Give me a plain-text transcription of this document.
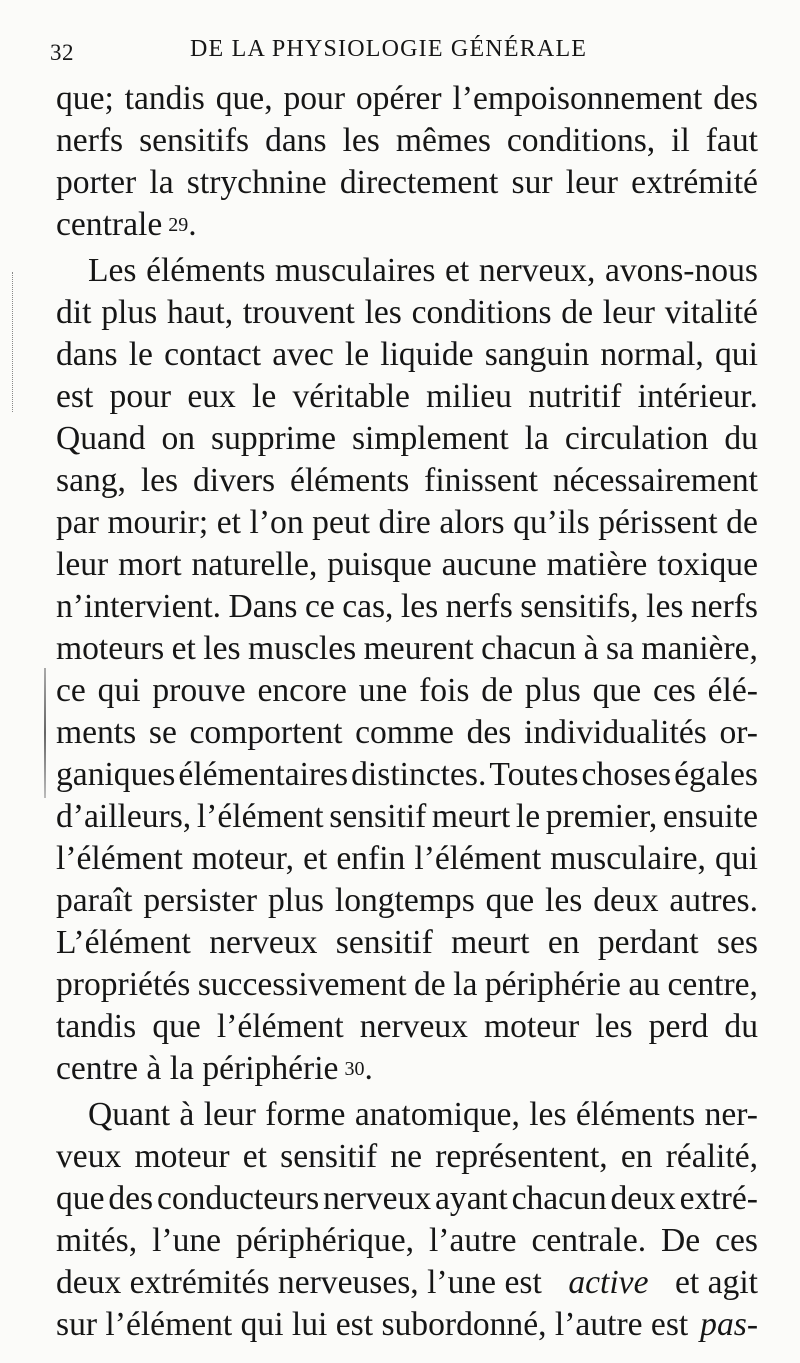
32	DE LA PHYSIOLOGIE GÉNÉRALE
que; tandis que, pour opérer l’empoisonnement des
nerfs sensitifs dans les mêmes conditions, il faut
porter la strychnine directement sur leur extrémité
centrale 29 .
Les éléments musculaires et nerveux, avons-nous
dit plus haut, trouvent les conditions de leur vitalité
dans le contact avec le liquide sanguin normal, qui
est pour eux le véritable milieu nutritif intérieur.
Quand on supprime simplement la circulation du
sang, les divers éléments finissent nécessairement
par mourir; et l’on peut dire alors qu’ils périssent de
leur mort naturelle, puisque aucune matière toxique
n’intervient. Dans ce cas, les nerfs sensitifs, les nerfs
moteurs et les muscles meurent chacun à sa manière,
ce qui prouve encore une fois de plus que ces élé-
ments se comportent comme des individualités or-
ganiques élémentaires distinctes. Toutes choses égales
d’ailleurs, l’élément sensitif meurt le premier, ensuite
l’élément moteur, et enfin l’élément musculaire, qui
paraît persister plus longtemps que les deux autres.
L’élément nerveux sensitif meurt en perdant ses
propriétés successivement de la périphérie au centre,
tandis que l’élément nerveux moteur les perd du
centre à la périphérie 30 .
Quant à leur forme anatomique, les éléments ner-
veux moteur et sensitif ne représentent, en réalité,
que des conducteurs nerveux ayant chacun deux extré-
mités, l’une périphérique, l’autre centrale. De ces
deux extrémités nerveuses, l’une est active et agit
sur l’élément qui lui est subordonné, l’autre est pas-
